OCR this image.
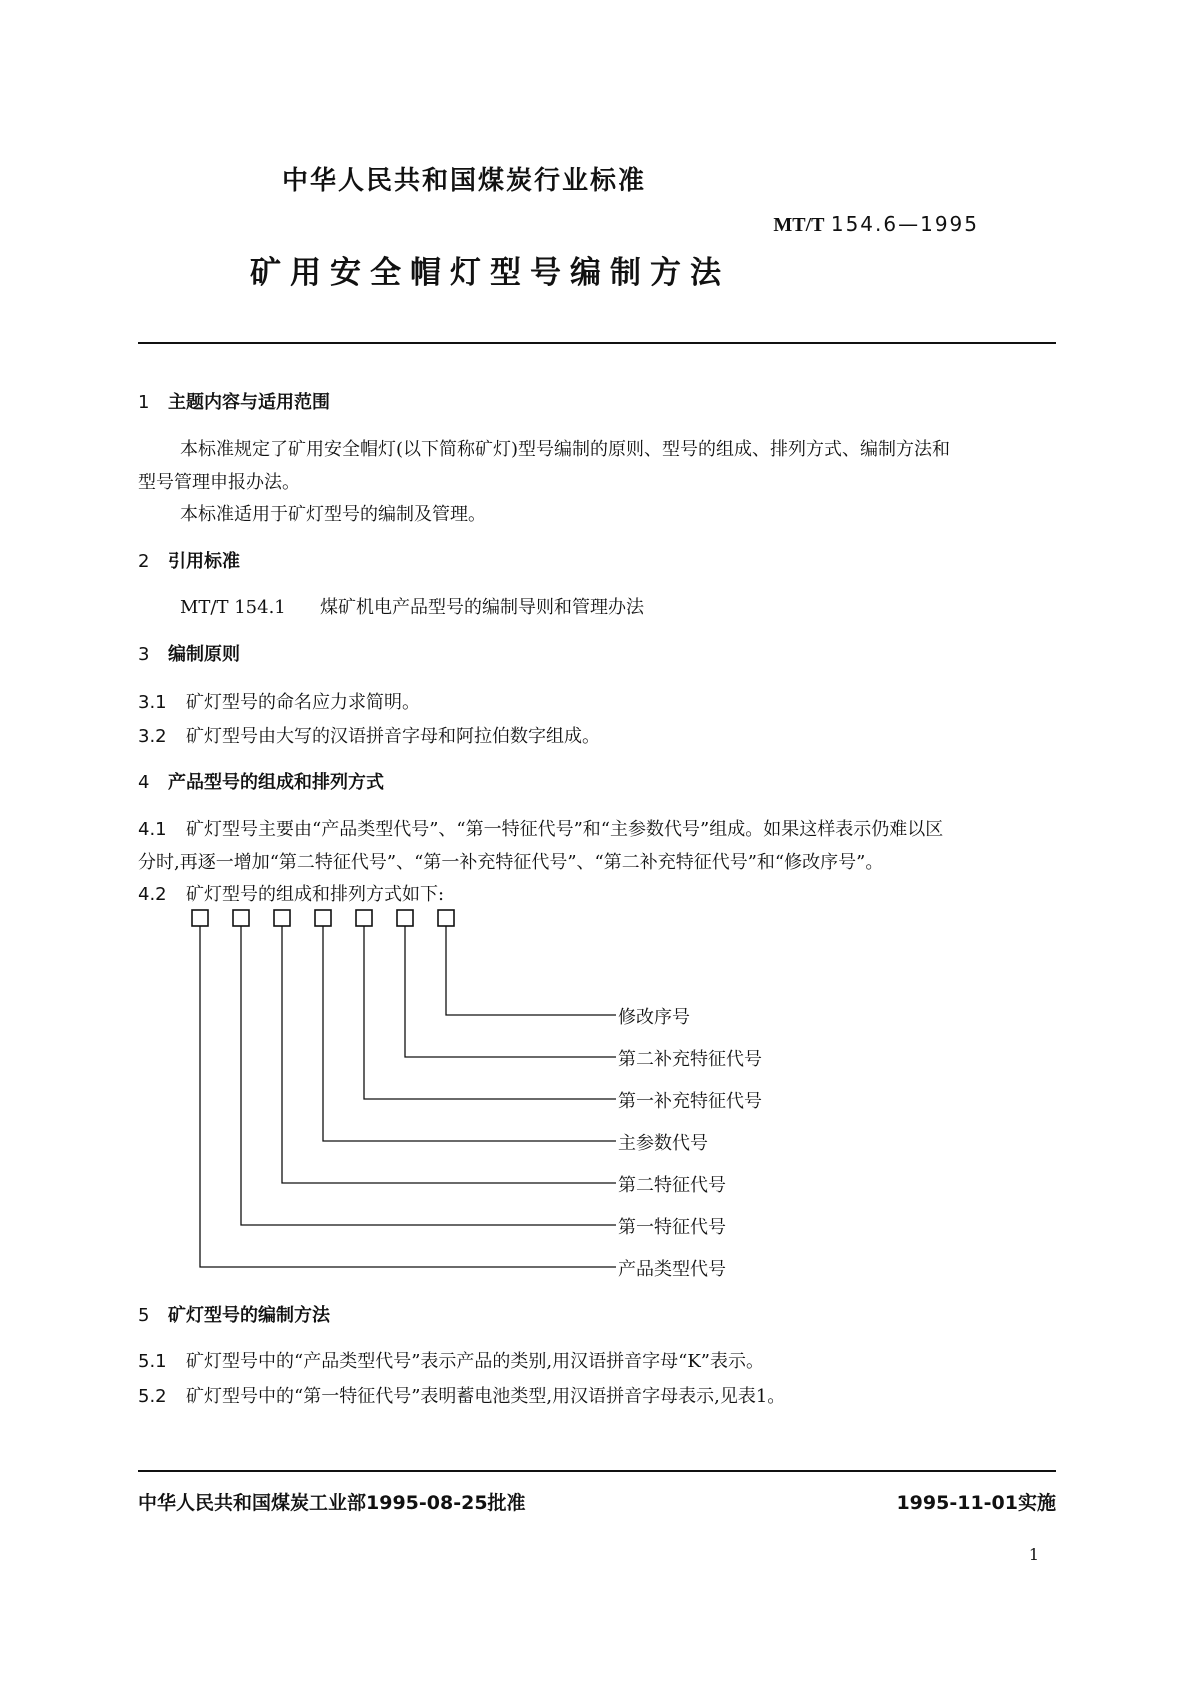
中华人民共和国煤炭行业标准
MT/T 154.6—1995
矿用安全帽灯型号编制方法
1 主题内容与适用范围
本标准规定了矿用安全帽灯(以下简称矿灯)型号编制的原则、型号的组成、排列方式、编制方法和
型号管理申报办法。
本标准适用于矿灯型号的编制及管理。
2 引用标准
MT/T 154.1 煤矿机电产品型号的编制导则和管理办法
3 编制原则
3.1 矿灯型号的命名应力求简明。
3.2 矿灯型号由大写的汉语拼音字母和阿拉伯数字组成。
4 产品型号的组成和排列方式
4.1 矿灯型号主要由“产品类型代号”、“第一特征代号”和“主参数代号”组成。如果这样表示仍难以区
分时,再逐一增加“第二特征代号”、“第一补充特征代号”、“第二补充特征代号”和“修改序号”。
4.2 矿灯型号的组成和排列方式如下:
修改序号
第二补充特征代号
第一补充特征代号
主参数代号
第二特征代号
第一特征代号
产品类型代号
5 矿灯型号的编制方法
5.1 矿灯型号中的“产品类型代号”表示产品的类别,用汉语拼音字母“K”表示。
5.2 矿灯型号中的“第一特征代号”表明蓄电池类型,用汉语拼音字母表示,见表1。
中华人民共和国煤炭工业部1995-08-25批准	1995-11-01实施
1
